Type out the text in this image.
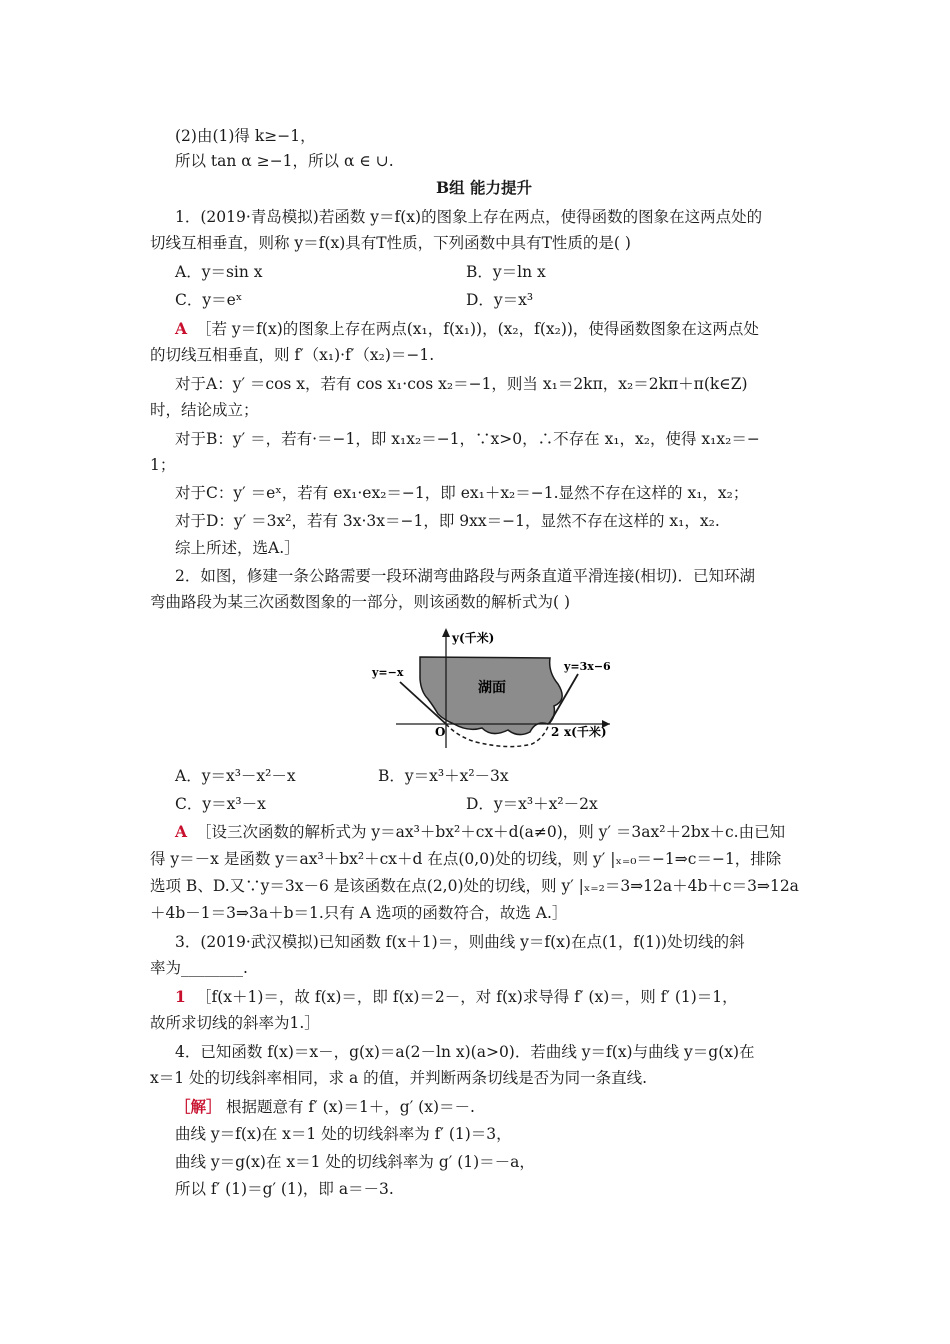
(2)由(1)得 k≥−1，
所以 tan α ≥−1，所以 α ∈ ∪.
B组 能力提升
1．(2019·青岛模拟)若函数 y＝f(x)的图象上存在两点，使得函数的图象在这两点处的
切线互相垂直，则称 y＝f(x)具有T性质，下列函数中具有T性质的是( )
A．y＝sin x	B．y＝ln x
C．y＝eˣ	D．y＝x³
A ［若 y＝f(x)的图象上存在两点(x₁，f(x₁))，(x₂，f(x₂))，使得函数图象在这两点处
的切线互相垂直，则 f′（x₁)·f′（x₂)＝−1.
对于A：y′ ＝cos x，若有 cos x₁·cos x₂＝−1，则当 x₁＝2kπ，x₂＝2kπ＋π(k∈Z)
时，结论成立；
对于B：y′ ＝，若有·＝−1，即 x₁x₂＝−1，∵x>0，∴不存在 x₁，x₂，使得 x₁x₂＝−
1；
对于C：y′ ＝eˣ，若有 ex₁·ex₂＝−1，即 ex₁＋x₂＝−1.显然不存在这样的 x₁，x₂；
对于D：y′ ＝3x²，若有 3x·3x＝−1，即 9xx＝−1，显然不存在这样的 x₁，x₂.
综上所述，选A.］
2．如图，修建一条公路需要一段环湖弯曲路段与两条直道平滑连接(相切)．已知环湖
弯曲路段为某三次函数图象的一部分，则该函数的解析式为( )
y(千米)
x(千米)
湖面
y=−x	y=3x−6
O	2
A．y＝x³－x²－x	B．y＝x³＋x²－3x
C．y＝x³－x	D．y＝x³＋x²－2x
A ［设三次函数的解析式为 y＝ax³＋bx²＋cx＋d(a≠0)，则 y′ ＝3ax²＋2bx＋c.由已知
得 y＝－x 是函数 y＝ax³＋bx²＋cx＋d 在点(0,0)处的切线，则 y′ |ₓ₌₀＝−1⇒c＝−1，排除
选项 B、D.又∵y＝3x－6 是该函数在点(2,0)处的切线，则 y′ |ₓ₌₂＝3⇒12a＋4b＋c＝3⇒12a
＋4b－1＝3⇒3a＋b＝1.只有 A 选项的函数符合，故选 A.］
3．(2019·武汉模拟)已知函数 f(x＋1)＝，则曲线 y＝f(x)在点(1，f(1))处切线的斜
率为________.
1 ［f(x＋1)＝，故 f(x)＝，即 f(x)＝2－，对 f(x)求导得 f′ (x)＝，则 f′ (1)＝1，
故所求切线的斜率为1.］
4．已知函数 f(x)＝x－，g(x)＝a(2－ln x)(a>0)．若曲线 y＝f(x)与曲线 y＝g(x)在
x＝1 处的切线斜率相同，求 a 的值，并判断两条切线是否为同一条直线.
［解］ 根据题意有 f′ (x)＝1＋，g′ (x)＝－.
曲线 y＝f(x)在 x＝1 处的切线斜率为 f′ (1)＝3，
曲线 y＝g(x)在 x＝1 处的切线斜率为 g′ (1)＝－a，
所以 f′ (1)＝g′ (1)，即 a＝－3.
